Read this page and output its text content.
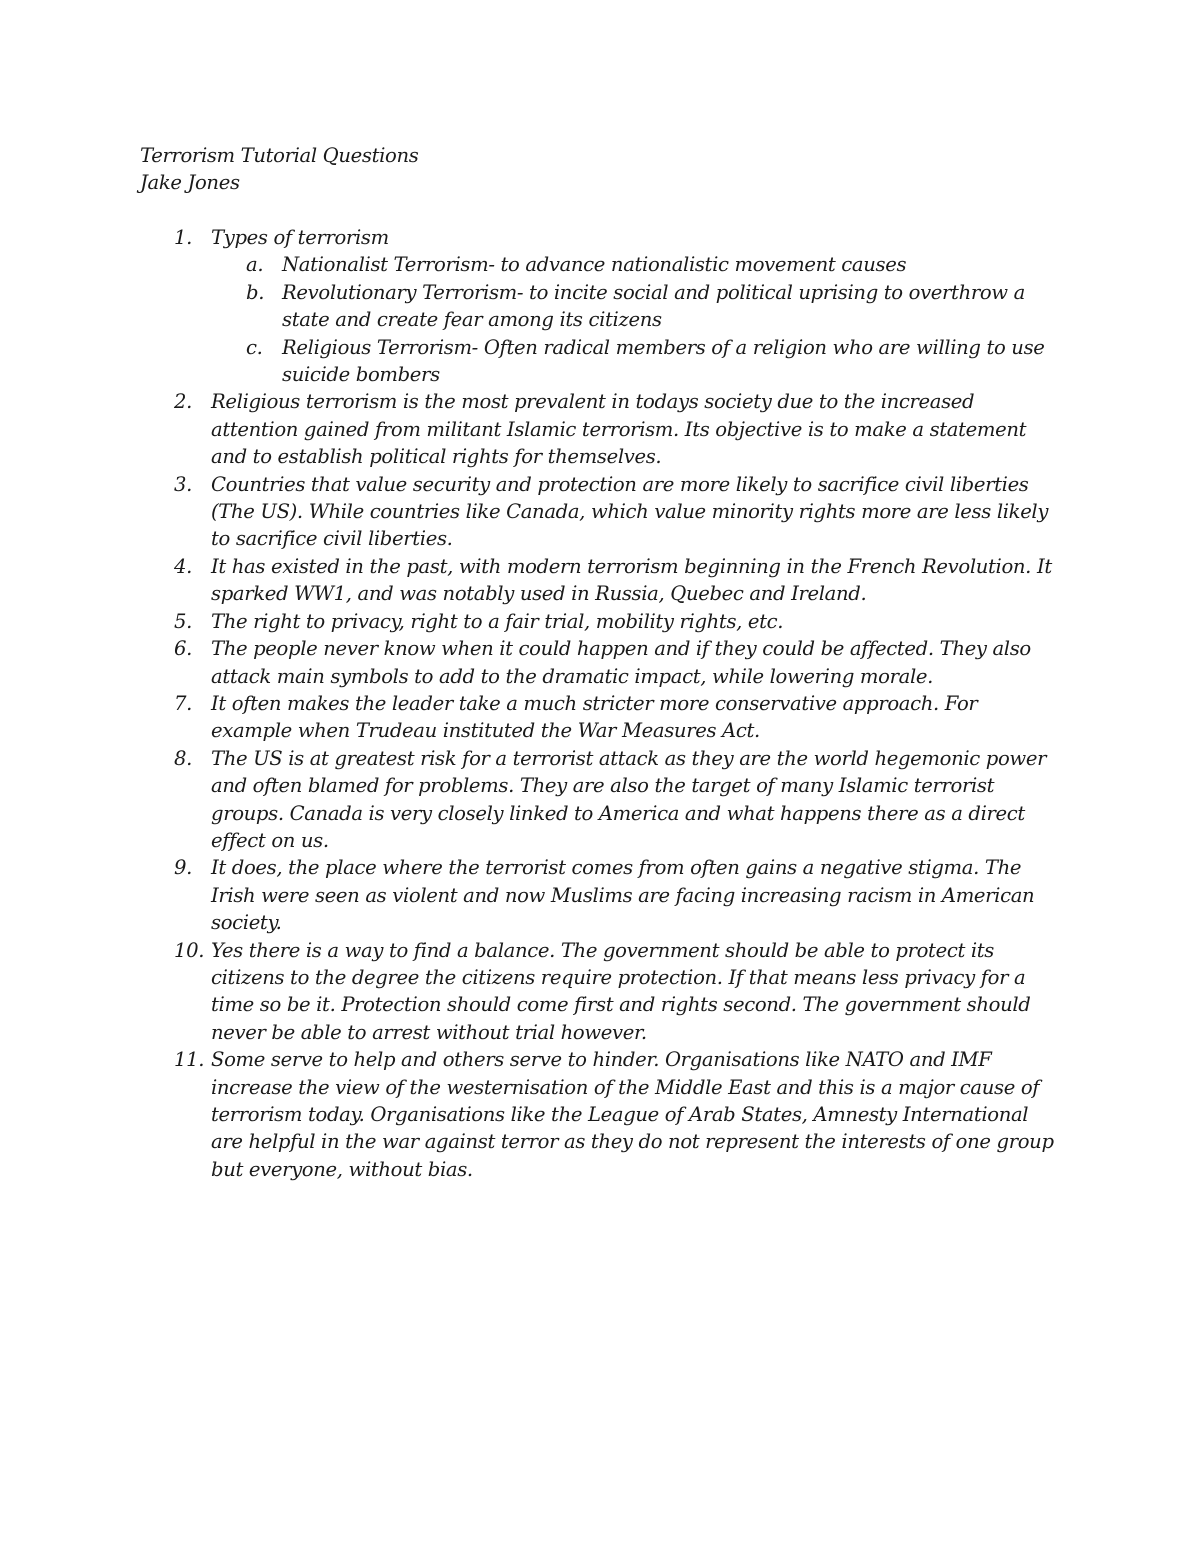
Terrorism Tutorial Questions
Jake Jones
1. Types of terrorism
a. Nationalist Terrorism- to advance nationalistic movement causes
b. Revolutionary Terrorism- to incite social and political uprising to overthrow a state and create fear among its citizens
c. Religious Terrorism- Often radical members of a religion who are willing to use suicide bombers
2. Religious terrorism is the most prevalent in todays society due to the increased attention gained from militant Islamic terrorism. Its objective is to make a statement and to establish political rights for themselves.
3. Countries that value security and protection are more likely to sacrifice civil liberties (The US). While countries like Canada, which value minority rights more are less likely to sacrifice civil liberties.
4. It has existed in the past, with modern terrorism beginning in the French Revolution. It sparked WW1, and was notably used in Russia, Quebec and Ireland.
5. The right to privacy, right to a fair trial, mobility rights, etc.
6. The people never know when it could happen and if they could be affected. They also attack main symbols to add to the dramatic impact, while lowering morale.
7. It often makes the leader take a much stricter more conservative approach. For example when Trudeau instituted the War Measures Act.
8. The US is at greatest risk for a terrorist attack as they are the world hegemonic power and often blamed for problems. They are also the target of many Islamic terrorist groups. Canada is very closely linked to America and what happens there as a direct effect on us.
9. It does, the place where the terrorist comes from often gains a negative stigma. The Irish were seen as violent and now Muslims are facing increasing racism in American society.
10. Yes there is a way to find a balance. The government should be able to protect its citizens to the degree the citizens require protection. If that means less privacy for a time so be it. Protection should come first and rights second. The government should never be able to arrest without trial however.
11. Some serve to help and others serve to hinder. Organisations like NATO and IMF increase the view of the westernisation of the Middle East and this is a major cause of terrorism today. Organisations like the League of Arab States, Amnesty International are helpful in the war against terror as they do not represent the interests of one group but everyone, without bias.
